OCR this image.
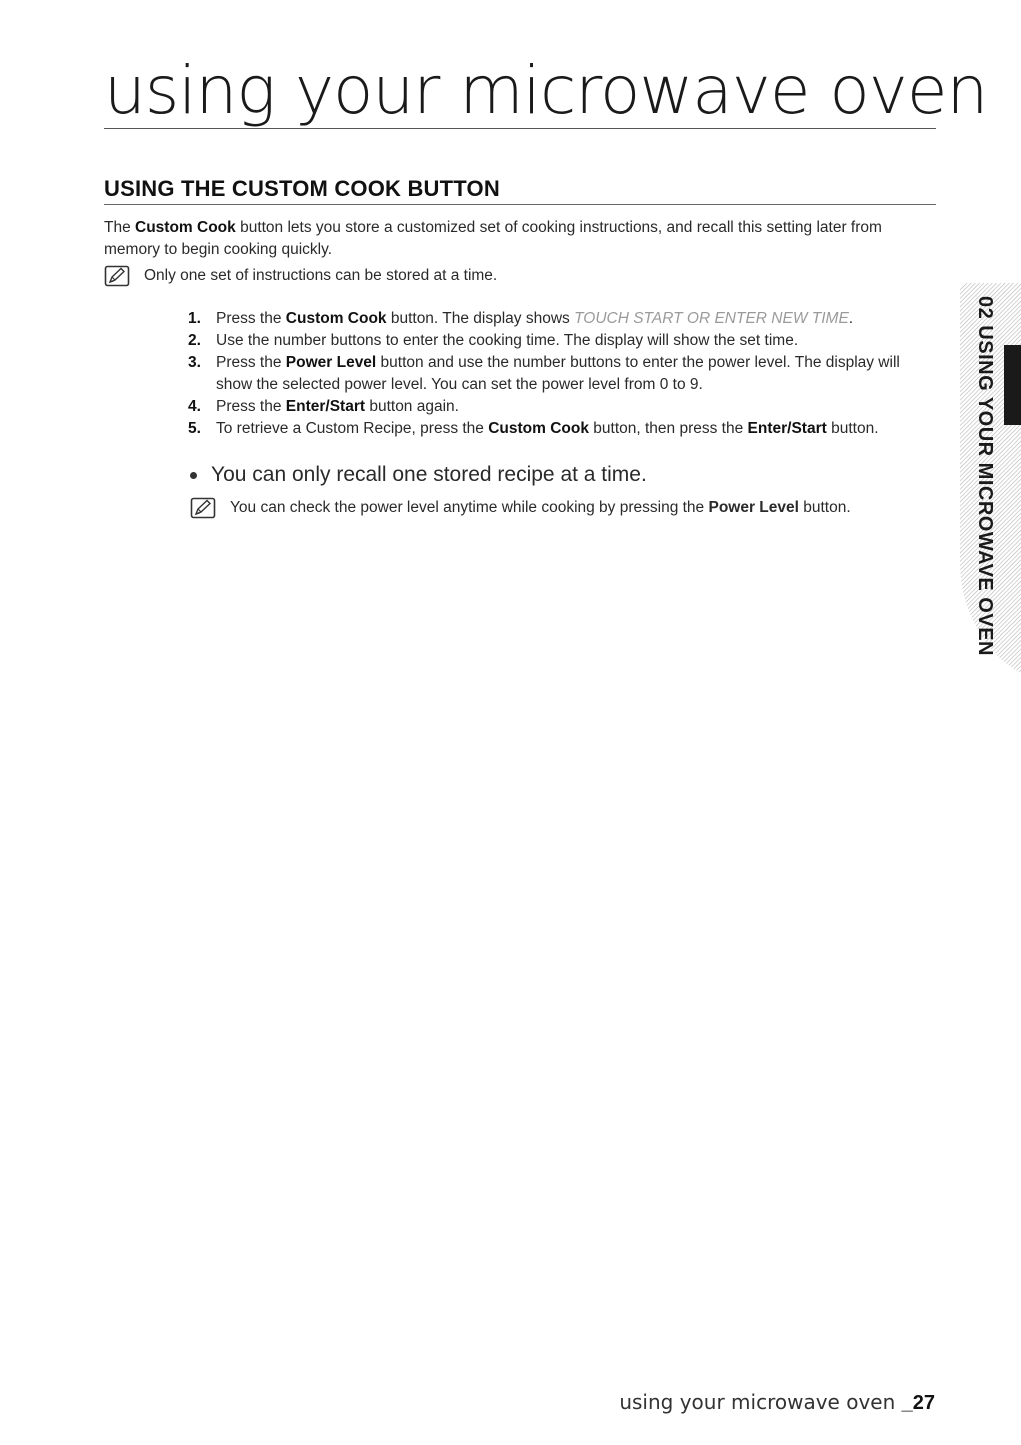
using your microwave oven
USING THE CUSTOM COOK BUTTON

The Custom Cook button lets you store a customized set of cooking instructions, and recall this setting later from memory to begin cooking quickly.

Only one set of instructions can be stored at a time.
1. Press the Custom Cook button. The display shows TOUCH START OR ENTER NEW TIME.
2. Use the number buttons to enter the cooking time. The display will show the set time.
3. Press the Power Level button and use the number buttons to enter the power level. The display will show the selected power level. You can set the power level from 0 to 9.
4. Press the Enter/Start button again.
5. To retrieve a Custom Recipe, press the Custom Cook button, then press the Enter/Start button.
You can only recall one stored recipe at a time.
You can check the power level anytime while cooking by pressing the Power Level button.	02 USING YOUR MICROWAVE OVEN
using your microwave oven _27
